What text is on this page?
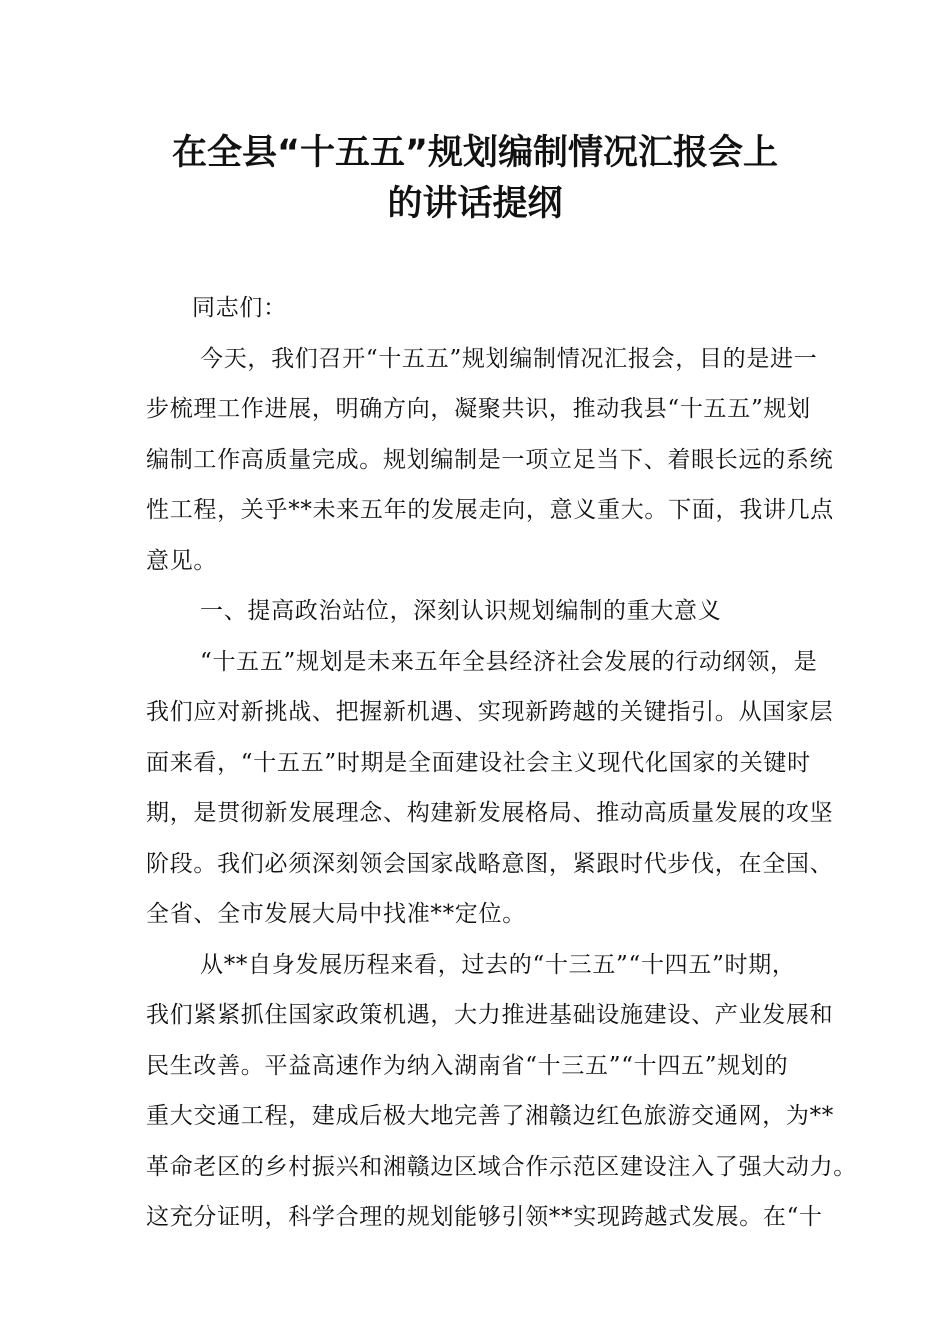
在全县“十五五”规划编制情况汇报会上
的讲话提纲
同志们：
今天，我们召开“十五五”规划编制情况汇报会，目的是进一
步梳理工作进展，明确方向，凝聚共识，推动我县“十五五”规划
编制工作高质量完成。规划编制是一项立足当下、着眼长远的系统
性工程，关乎**未来五年的发展走向，意义重大。下面，我讲几点
意见。
一、提高政治站位，深刻认识规划编制的重大意义
“十五五”规划是未来五年全县经济社会发展的行动纲领，是
我们应对新挑战、把握新机遇、实现新跨越的关键指引。从国家层
面来看，“十五五”时期是全面建设社会主义现代化国家的关键时
期，是贯彻新发展理念、构建新发展格局、推动高质量发展的攻坚
阶段。我们必须深刻领会国家战略意图，紧跟时代步伐，在全国、
全省、全市发展大局中找准**定位。
从**自身发展历程来看，过去的“十三五”“十四五”时期，
我们紧紧抓住国家政策机遇，大力推进基础设施建设、产业发展和
民生改善。平益高速作为纳入湖南省“十三五”“十四五”规划的
重大交通工程，建成后极大地完善了湘赣边红色旅游交通网，为**
革命老区的乡村振兴和湘赣边区域合作示范区建设注入了强大动力。
这充分证明，科学合理的规划能够引领**实现跨越式发展。在“十
